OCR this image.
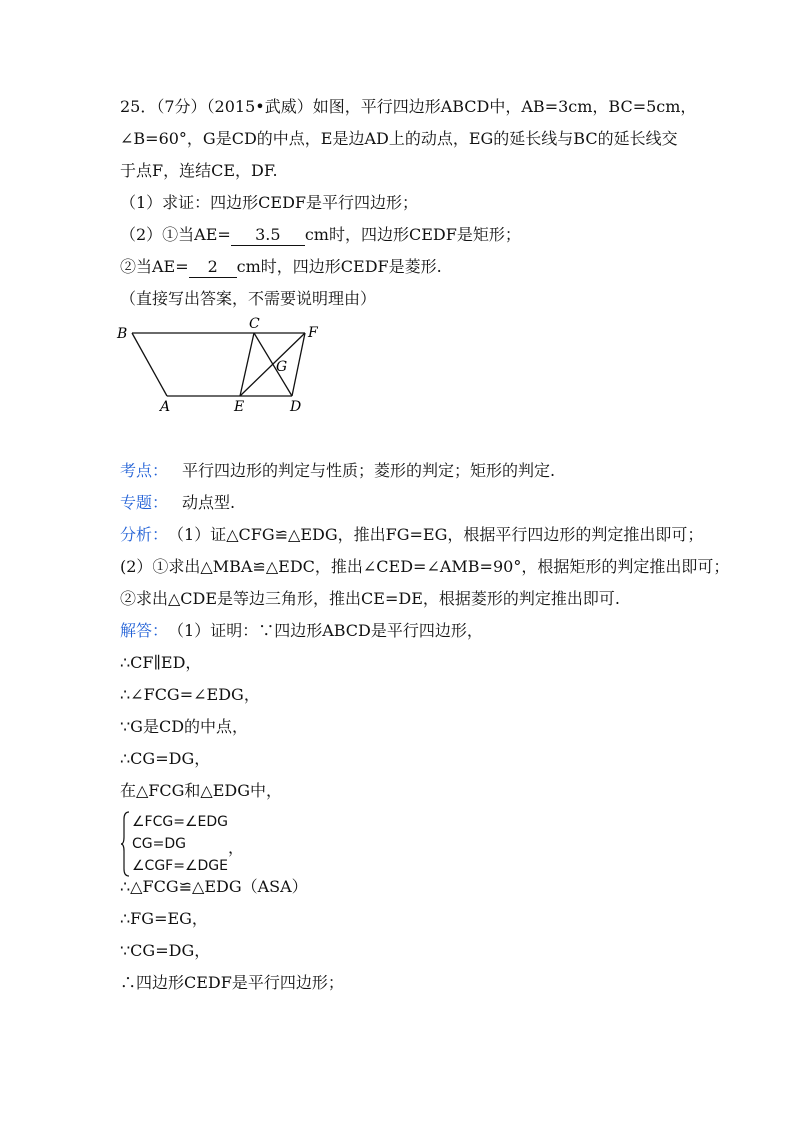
25．（7分）（2015•武威）如图，平行四边形ABCD中，AB=3cm，BC=5cm，
∠B=60°，G是CD的中点，E是边AD上的动点，EG的延长线与BC的延长线交
于点F，连结CE，DF.
（1）求证：四边形CEDF是平行四边形；
（2）①当AE= 3.5 cm时，四边形CEDF是矩形；
②当AE= 2 cm时，四边形CEDF是菱形.
（直接写出答案，不需要说明理由）
B
C
F
G
A	E	D
考点： 平行四边形的判定与性质；菱形的判定；矩形的判定.
专题： 动点型.
分析： （1）证△CFG≌△EDG，推出FG=EG，根据平行四边形的判定推出即可；
(2）①求出△MBA≌△EDC，推出∠CED=∠AMB=90°，根据矩形的判定推出即可；
②求出△CDE是等边三角形，推出CE=DE，根据菱形的判定推出即可.
解答： （1）证明：∵四边形ABCD是平行四边形，
∴CF∥ED，
∴∠FCG=∠EDG，
∵G是CD的中点，
∴CG=DG，
在△FCG和△EDG中，
∠FCG=∠EDG
CG=DG
∠CGF=∠DGE
，
∴△FCG≌△EDG（ASA）
∴FG=EG，
∵CG=DG，
∴四边形CEDF是平行四边形；
